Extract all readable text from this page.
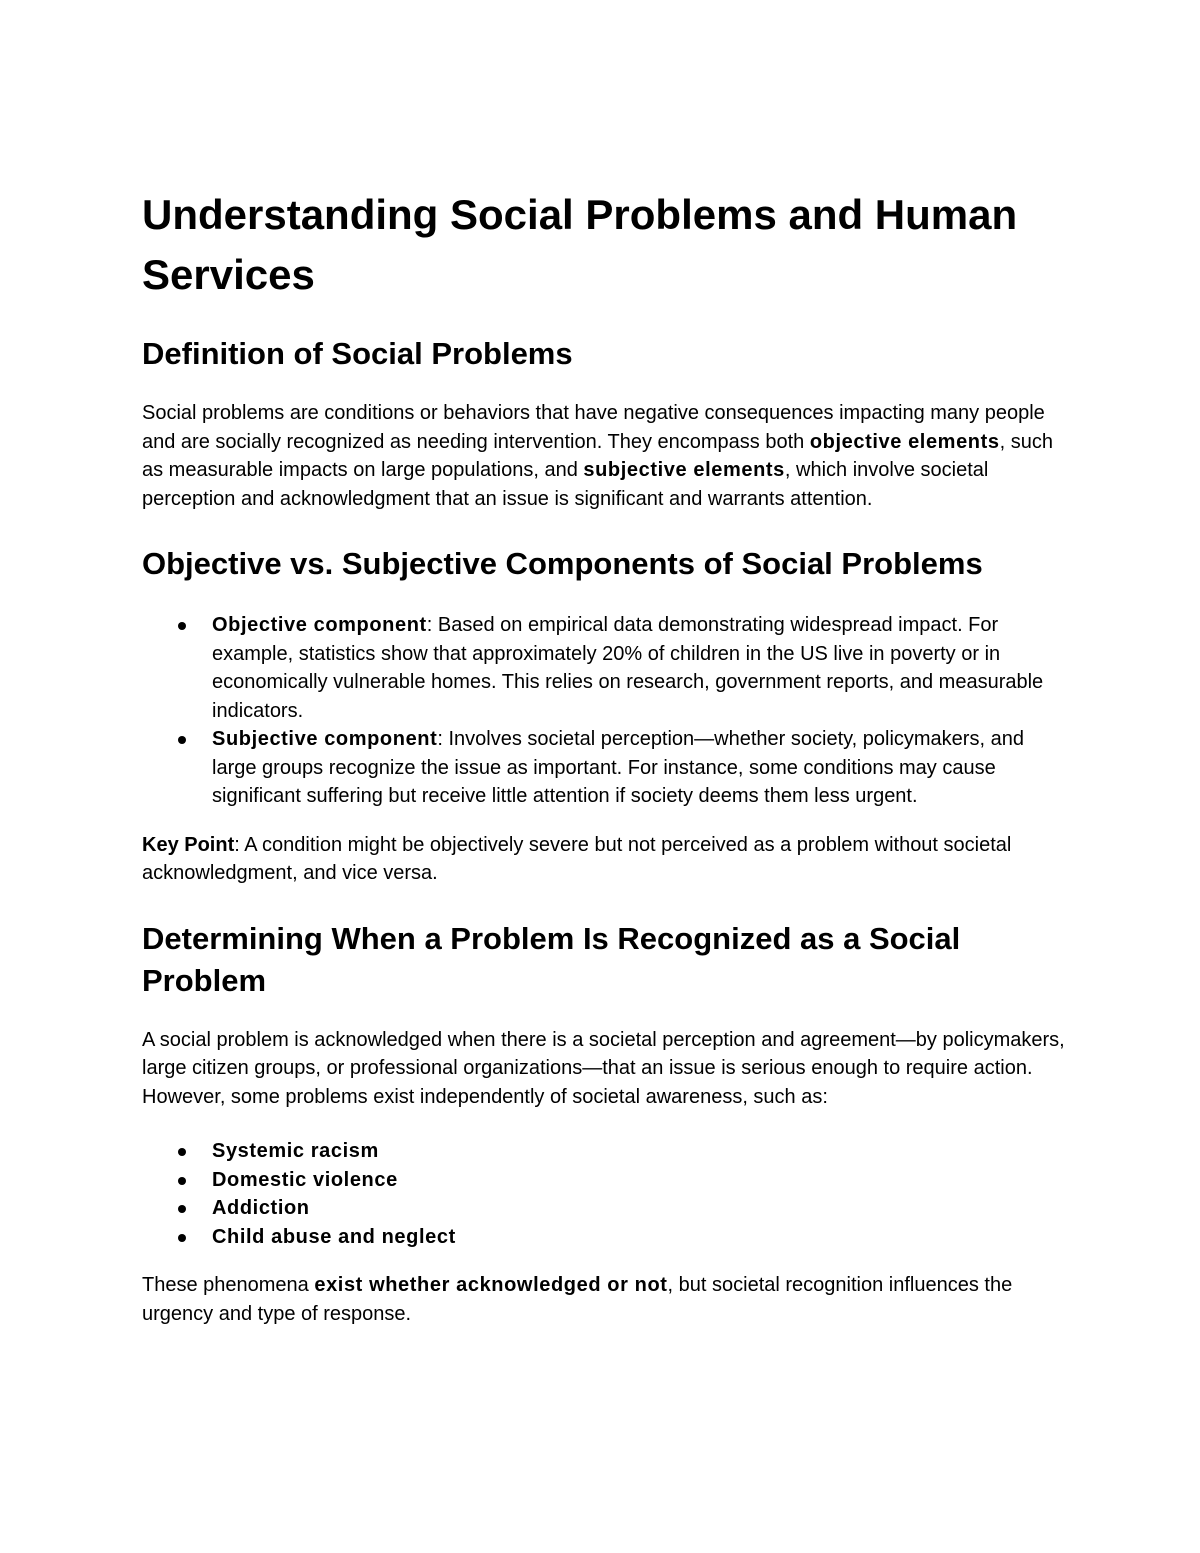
Understanding Social Problems and Human Services
Definition of Social Problems

Social problems are conditions or behaviors that have negative consequences impacting many people and are socially recognized as needing intervention. They encompass both objective elements, such as measurable impacts on large populations, and subjective elements, which involve societal perception and acknowledgment that an issue is significant and warrants attention.

Objective vs. Subjective Components of Social Problems
Objective component: Based on empirical data demonstrating widespread impact. For example, statistics show that approximately 20% of children in the US live in poverty or in economically vulnerable homes. This relies on research, government reports, and measurable indicators.
Subjective component: Involves societal perception—whether society, policymakers, and large groups recognize the issue as important. For instance, some conditions may cause significant suffering but receive little attention if society deems them less urgent.

Key Point: A condition might be objectively severe but not perceived as a problem without societal acknowledgment, and vice versa.

Determining When a Problem Is Recognized as a Social Problem

A social problem is acknowledged when there is a societal perception and agreement—by policymakers, large citizen groups, or professional organizations—that an issue is serious enough to require action. However, some problems exist independently of societal awareness, such as:

Systemic racism
Domestic violence
Addiction
Child abuse and neglect

These phenomena exist whether acknowledged or not, but societal recognition influences the urgency and type of response.
